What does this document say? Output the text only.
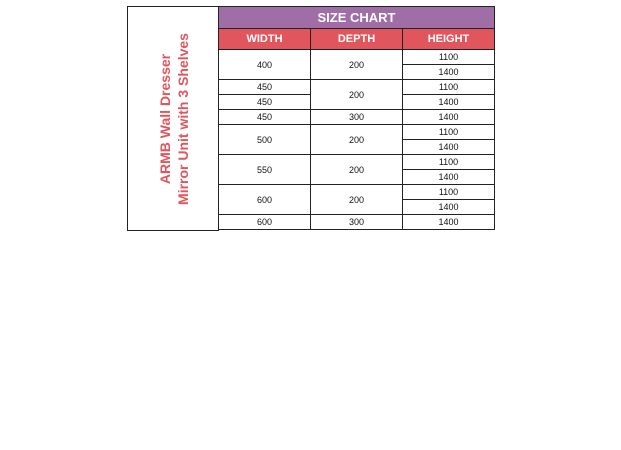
ARMB Wall Dresser Mirror Unit with 3 Shelves
SIZE CHART		
WIDTH	DEPTH	HEIGHT
400	200	1100
		1400
450	200	1100
450		1400
450	300	1400
500	200	1100
		1400
550	200	1100
		1400
600	200	1100
		1400
600	300	1400
